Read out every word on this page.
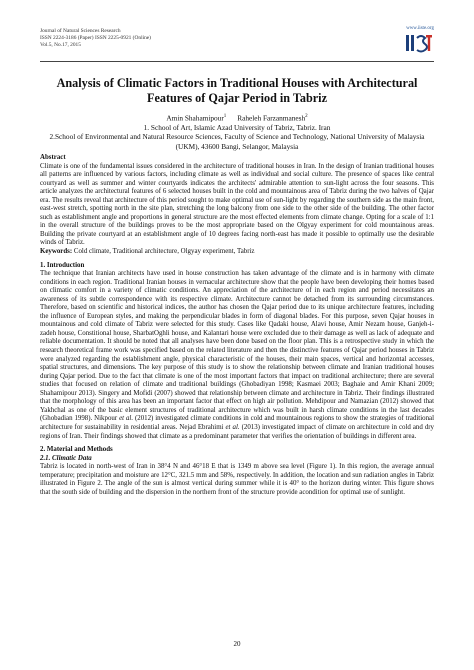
Journal of Natural Sciences Research
ISSN 2224-3186 (Paper) ISSN 2225-0921 (Online)
Vol.5, No.17, 2015
www.iiste.org
Analysis of Climatic Factors in Traditional Houses with Architectural Features of Qajar Period in Tabriz
Amin Shahamipour$^1$ Raheleh Farzanmanesh$^2$
1. School of Art, Islamic Azad University of Tabriz, Tabriz. Iran
2.School of Environmental and Natural Resource Sciences, Faculty of Science and Technology, National University of Malaysia (UKM), 43600 Bangi, Selangor, Malaysia

Abstract

Climate is one of the fundamental issues considered in the architecture of traditional houses in Iran. In the design of Iranian traditional houses all patterns are influenced by various factors, including climate as well as individual and social culture. The presence of spaces like central courtyard as well as summer and winter courtyards indicates the architects' admirable attention to sun-light across the four seasons. This article analyzes the architectural features of 6 selected houses built in the cold and mountainous area of Tabriz during the two halves of Qajar era. The results reveal that architecture of this period sought to make optimal use of sun-light by regarding the southern side as the main front, east-west stretch, spotting north in the site plan, stretching the long balcony from one side to the other side of the building. The other factor such as establishment angle and proportions in general structure are the most effected elements from climate change. Opting for a scale of 1:1 in the overall structure of the buildings proves to be the most appropriate based on the Olgyay experiment for cold mountainous areas. Building the private courtyard at an establishment angle of 10 degrees facing north-east has made it possible to optimally use the desirable winds of Tabriz.

Keywords: Cold climate, Traditional architecture, Olgyay experiment, Tabriz

1. Introduction

The technique that Iranian architects have used in house construction has taken advantage of the climate and is in harmony with climate conditions in each region. Traditional Iranian houses in vernacular architecture show that the people have been developing their homes based on climatic comfort in a variety of climatic conditions. An appreciation of the architecture of in each region and period necessitates an awareness of its subtle correspondence with its respective climate. Architecture cannot be detached from its surrounding circumstances. Therefore, based on scientific and historical indices, the author has chosen the Qajar period due to its unique architecture features, including the influence of European styles, and making the perpendicular blades in form of diagonal blades. For this purpose, seven Qajar houses in mountainous and cold climate of Tabriz were selected for this study. Cases like Qadaki house, Alavi house, Amir Nezam house, Ganjeh-i-zadeh house, Constitional house, SharbatOghli house, and Kalantari house were excluded due to their damage as well as lack of adequate and reliable documentation. It should be noted that all analyses have been done based on the floor plan. This is a retrospective study in which the research theoretical frame work was specified based on the related literature and then the distinctive features of Qajar period houses in Tabriz were analyzed regarding the establishment angle, physical characteristic of the houses, their main spaces, vertical and horizontal accesses, spatial structures, and dimensions. The key purpose of this study is to show the relationship between climate and Iranian traditional houses during Qajar period. Due to the fact that climate is one of the most important factors that impact on traditional architecture; there are several studies that focused on relation of climate and traditional buildings (Ghobadiyan 1998; Kasmaei 2003; Baghaie and Amir Khani 2009; Shahamipour 2013). Singery and Mofidi (2007) showed that relationship between climate and architecture in Tabriz. Their findings illustrated that the morphology of this area has been an important factor that effect on high air pollution. Mehdipour and Namazian (2012) showed that Yakhchal as one of the basic element structures of traditional architecture which was built in harsh climate conditions in the last decades (Ghobadian 1998). Nikpour et al. (2012) investigated climate conditions in cold and mountainous regions to show the strategies of traditional architecture for sustainability in residential areas. Nejad Ebrahimi et al. (2013) investigated impact of climate on architecture in cold and dry regions of Iran. Their findings showed that climate as a predominant parameter that verifies the orientation of buildings in different area.

2. Material and Methods

2.1. Climatic Data

Tabriz is located in north-west of Iran in 38°4 N and 46°18 E that is 1349 m above sea level (Figure 1). In this region, the average annual temperature; precipitation and moisture are 12°C, 321.5 mm and 58%, respectively. In addition, the location and sun radiation angles in Tabriz illustrated in Figure 2. The angle of the sun is almost vertical during summer while it is 40° to the horizon during winter. This figure shows that the south side of building and the dispersion in the northern front of the structure provide acondition for optimal use of sunlight.

20
